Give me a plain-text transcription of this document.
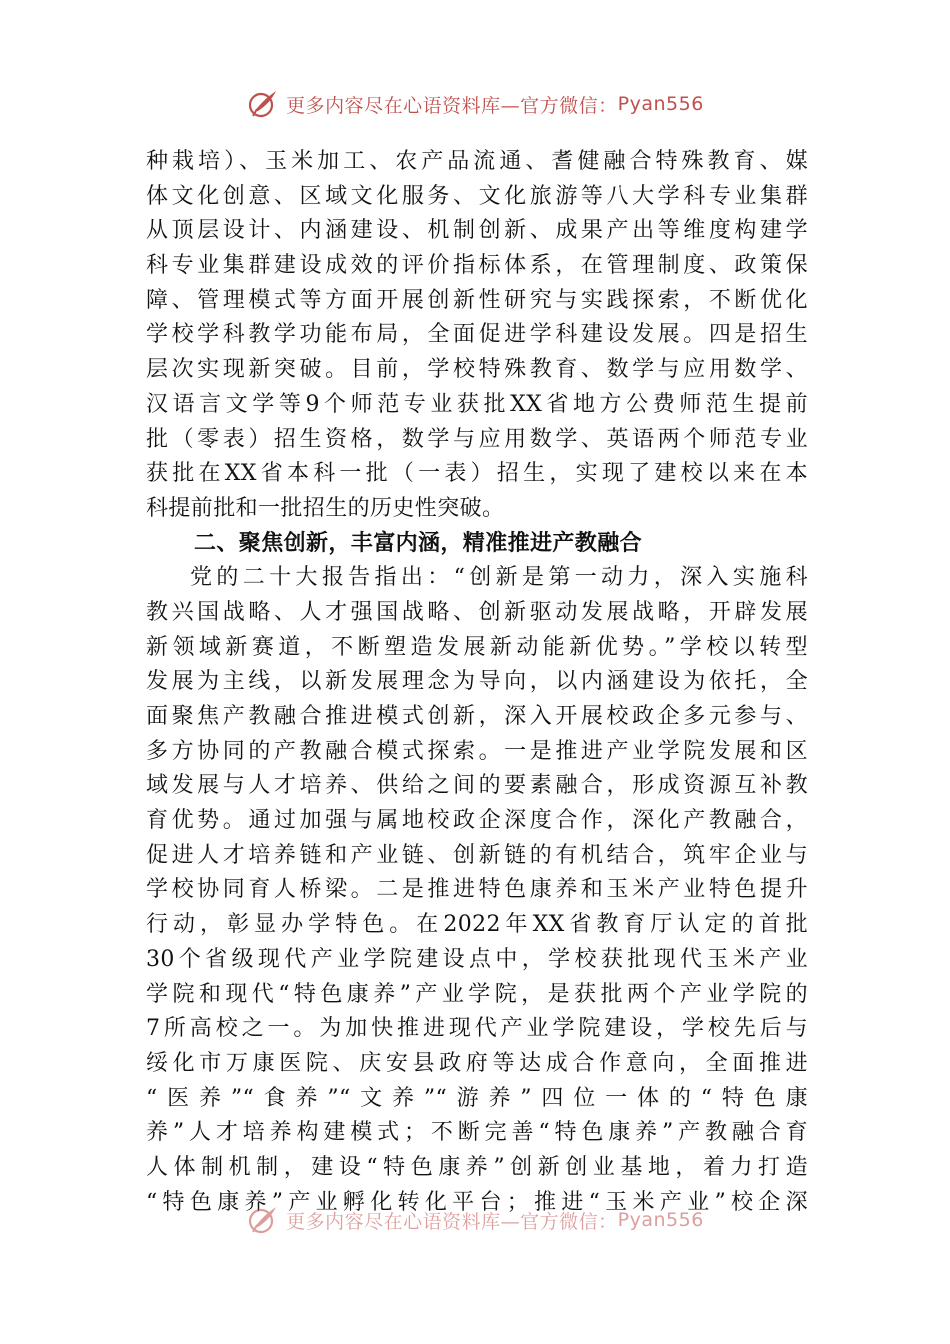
更多内容尽在心语资料库—官方微信： Pyan556
种栽培）、玉米加工、农产品流通、耆健融合特殊教育、媒
体文化创意、区域文化服务、文化旅游等八大学科专业集群
从顶层设计、内涵建设、机制创新、成果产出等维度构建学
科专业集群建设成效的评价指标体系，在管理制度、政策保
障、管理模式等方面开展创新性研究与实践探索，不断优化
学校学科教学功能布局，全面促进学科建设发展。四是招生
层次实现新突破。目前，学校特殊教育、数学与应用数学、
汉语言文学等9个师范专业获批XX省地方公费师范生提前
批（零表）招生资格，数学与应用数学、英语两个师范专业
获批在XX省本科一批（一表）招生，实现了建校以来在本
科提前批和一批招生的历史性突破。
二、聚焦创新，丰富内涵，精准推进产教融合
党的二十大报告指出：“创新是第一动力，深入实施科
教兴国战略、人才强国战略、创新驱动发展战略，开辟发展
新领域新赛道，不断塑造发展新动能新优势。”学校以转型
发展为主线，以新发展理念为导向，以内涵建设为依托，全
面聚焦产教融合推进模式创新，深入开展校政企多元参与、
多方协同的产教融合模式探索。一是推进产业学院发展和区
域发展与人才培养、供给之间的要素融合，形成资源互补教
育优势。通过加强与属地校政企深度合作，深化产教融合，
促进人才培养链和产业链、创新链的有机结合，筑牢企业与
学校协同育人桥梁。二是推进特色康养和玉米产业特色提升
行动，彰显办学特色。在2022年XX省教育厅认定的首批
30个省级现代产业学院建设点中，学校获批现代玉米产业
学院和现代“特色康养”产业学院，是获批两个产业学院的
7所高校之一。为加快推进现代产业学院建设，学校先后与
绥化市万康医院、庆安县政府等达成合作意向，全面推进
“医养”“食养”“文养”“游养”四位一体的“特色康
养”人才培养构建模式；不断完善“特色康养”产教融合育
人体制机制，建设“特色康养”创新创业基地，着力打造
“特色康养”产业孵化转化平台；推进“玉米产业”校企深
更多内容尽在心语资料库—官方微信： Pyan556
